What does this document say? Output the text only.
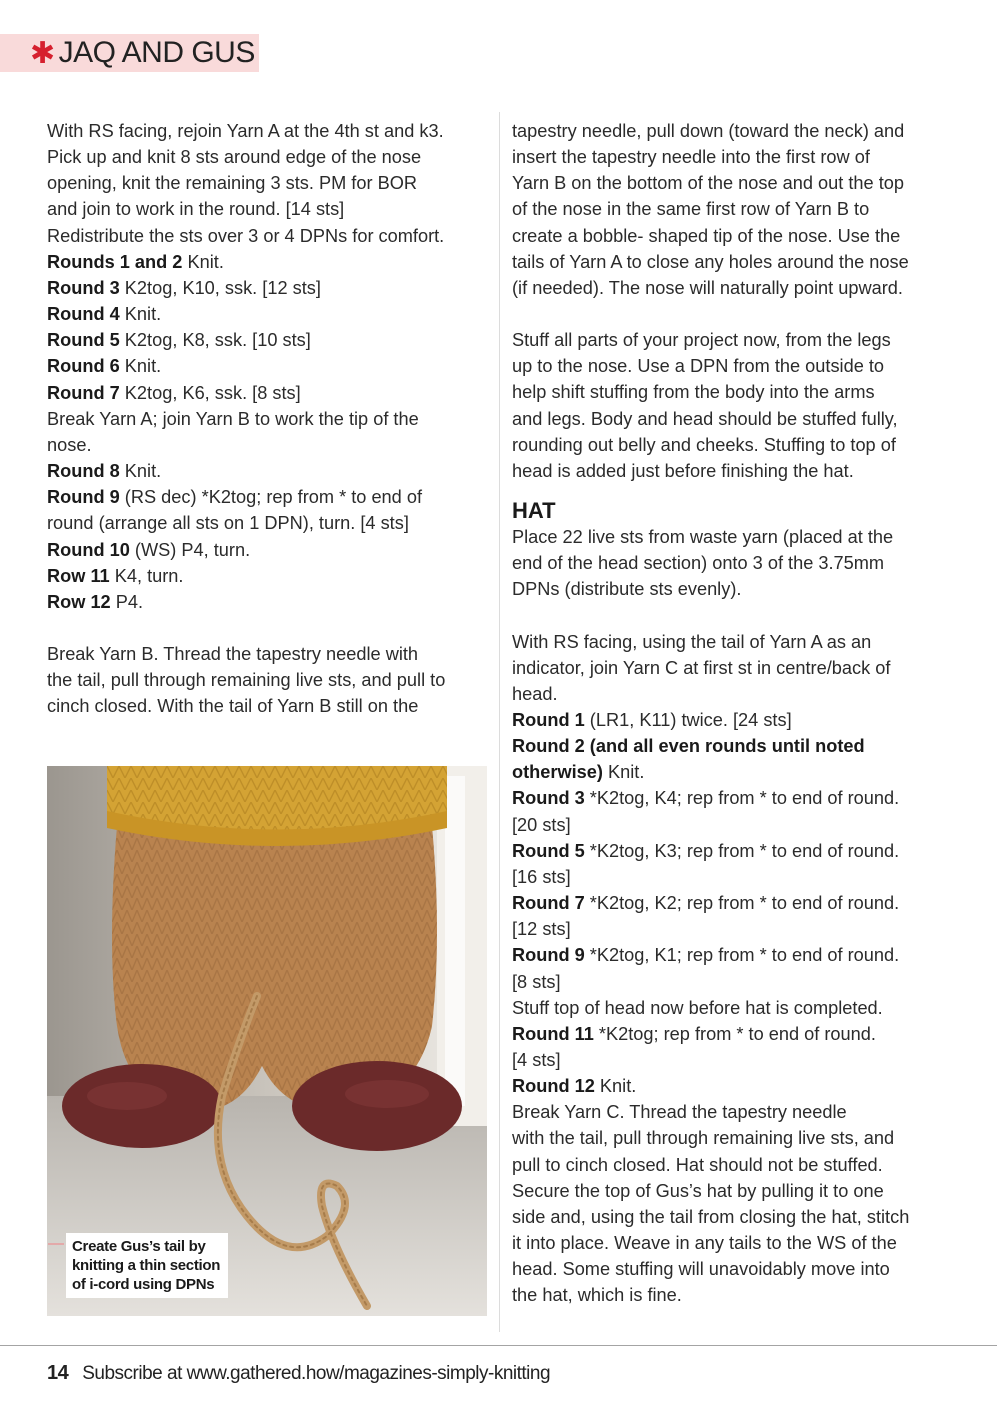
✱ JAQ AND GUS

With RS facing, rejoin Yarn A at the 4th st and k3.

Pick up and knit 8 sts around edge of the nose

opening, knit the remaining 3 sts. PM for BOR

and join to work in the round. [14 sts]

Redistribute the sts over 3 or 4 DPNs for comfort.

Rounds 1 and 2 Knit.

Round 3 K2tog, K10, ssk. [12 sts]

Round 4 Knit.

Round 5 K2tog, K8, ssk. [10 sts]

Round 6 Knit.

Round 7 K2tog, K6, ssk. [8 sts]

Break Yarn A; join Yarn B to work the tip of the

nose.

Round 8 Knit.

Round 9 (RS dec) *K2tog; rep from * to end of

round (arrange all sts on 1 DPN), turn. [4 sts]

Round 10 (WS) P4, turn.

Row 11 K4, turn.

Row 12 P4.

Break Yarn B. Thread the tapestry needle with

the tail, pull through remaining live sts, and pull to

cinch closed. With the tail of Yarn B still on the

tapestry needle, pull down (toward the neck) and

insert the tapestry needle into the first row of

Yarn B on the bottom of the nose and out the top

of the nose in the same first row of Yarn B to

create a bobble- shaped tip of the nose. Use the

tails of Yarn A to close any holes around the nose

(if needed). The nose will naturally point upward.

Stuff all parts of your project now, from the legs

up to the nose. Use a DPN from the outside to

help shift stuffing from the body into the arms

and legs. Body and head should be stuffed fully,

rounding out belly and cheeks. Stuffing to top of

head is added just before finishing the hat.

HAT

Place 22 live sts from waste yarn (placed at the

end of the head section) onto 3 of the 3.75mm

DPNs (distribute sts evenly).

With RS facing, using the tail of Yarn A as an

indicator, join Yarn C at first st in centre/back of

head.

Round 1 (LR1, K11) twice. [24 sts]

Round 2 (and all even rounds until noted

otherwise) Knit.

Round 3 *K2tog, K4; rep from * to end of round.

[20 sts]

Round 5 *K2tog, K3; rep from * to end of round.

[16 sts]

Round 7 *K2tog, K2; rep from * to end of round.

[12 sts]

Round 9 *K2tog, K1; rep from * to end of round.

[8 sts]

Stuff top of head now before hat is completed.

Round 11 *K2tog; rep from * to end of round.

[4 sts]

Round 12 Knit.

Break Yarn C. Thread the tapestry needle

with the tail, pull through remaining live sts, and

pull to cinch closed. Hat should not be stuffed.

Secure the top of Gus’s hat by pulling it to one

side and, using the tail from closing the hat, stitch

it into place. Weave in any tails to the WS of the

head. Some stuffing will unavoidably move into

the hat, which is fine.

Create Gus’s tail by
knitting a thin section
of i-cord using DPNs
14 Subscribe at www.gathered.how/magazines-simply-knitting
